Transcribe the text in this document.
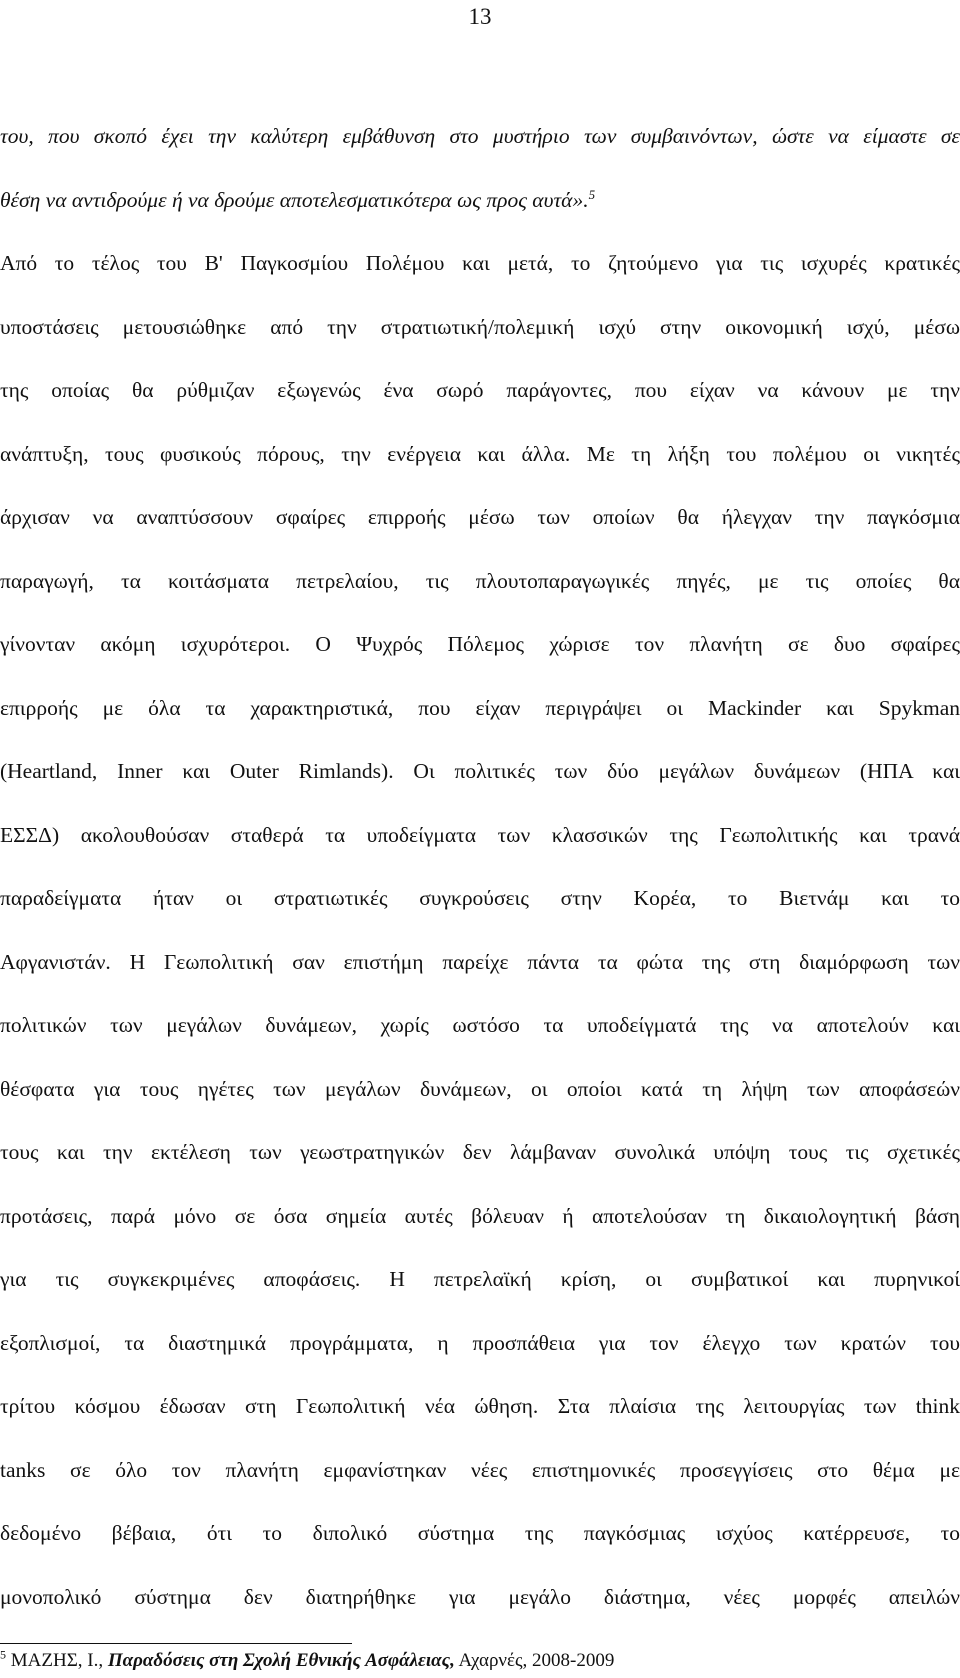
13
του, που σκοπό έχει την καλύτερη εμβάθυνση στο μυστήριο των συμβαινόντων, ώστε να είμαστε σε
θέση να αντιδρούμε ή να δρούμε αποτελεσματικότερα ως προς αυτά».$^5$
Από το τέλος του Β' Παγκοσμίου Πολέμου και μετά, το ζητούμενο για τις ισχυρές κρατικές
υποστάσεις μετουσιώθηκε από την στρατιωτική/πολεμική ισχύ στην οικονομική ισχύ, μέσω
της οποίας θα ρύθμιζαν εξωγενώς ένα σωρό παράγοντες, που είχαν να κάνουν με την
ανάπτυξη, τους φυσικούς πόρους, την ενέργεια και άλλα. Με τη λήξη του πολέμου οι νικητές
άρχισαν να αναπτύσσουν σφαίρες επιρροής μέσω των οποίων θα ήλεγχαν την παγκόσμια
παραγωγή, τα κοιτάσματα πετρελαίου, τις πλουτοπαραγωγικές πηγές, με τις οποίες θα
γίνονταν ακόμη ισχυρότεροι. Ο Ψυχρός Πόλεμος χώρισε τον πλανήτη σε δυο σφαίρες
επιρροής με όλα τα χαρακτηριστικά, που είχαν περιγράψει οι Mackinder και Spykman
(Heartland, Inner και Outer Rimlands). Οι πολιτικές των δύο μεγάλων δυνάμεων (ΗΠΑ και
ΕΣΣΔ) ακολουθούσαν σταθερά τα υποδείγματα των κλασσικών της Γεωπολιτικής και τρανά
παραδείγματα ήταν οι στρατιωτικές συγκρούσεις στην Κορέα, το Βιετνάμ και το
Αφγανιστάν. Η Γεωπολιτική σαν επιστήμη παρείχε πάντα τα φώτα της στη διαμόρφωση των
πολιτικών των μεγάλων δυνάμεων, χωρίς ωστόσο τα υποδείγματά της να αποτελούν και
θέσφατα για τους ηγέτες των μεγάλων δυνάμεων, οι οποίοι κατά τη λήψη των αποφάσεών
τους και την εκτέλεση των γεωστρατηγικών δεν λάμβαναν συνολικά υπόψη τους τις σχετικές
προτάσεις, παρά μόνο σε όσα σημεία αυτές βόλευαν ή αποτελούσαν τη δικαιολογητική βάση
για τις συγκεκριμένες αποφάσεις. Η πετρελαϊκή κρίση, οι συμβατικοί και πυρηνικοί
εξοπλισμοί, τα διαστημικά προγράμματα, η προσπάθεια για τον έλεγχο των κρατών του
τρίτου κόσμου έδωσαν στη Γεωπολιτική νέα ώθηση. Στα πλαίσια της λειτουργίας των think
tanks σε όλο τον πλανήτη εμφανίστηκαν νέες επιστημονικές προσεγγίσεις στο θέμα με
δεδομένο βέβαια, ότι το διπολικό σύστημα της παγκόσμιας ισχύος κατέρρευσε, το
μονοπολικό σύστημα δεν διατηρήθηκε για μεγάλο διάστημα, νέες μορφές απειλών
$^5$ ΜΑΖΗΣ, Ι., Παραδόσεις στη Σχολή Εθνικής Ασφάλειας, Αχαρνές, 2008-2009
